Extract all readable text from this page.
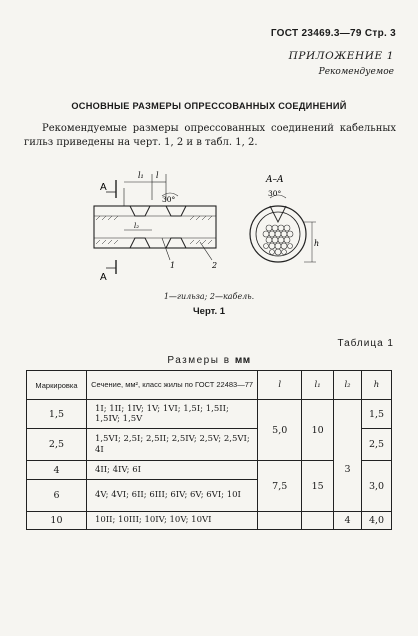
ГОСТ 23469.3—79 Стр. 3
ПРИЛОЖЕНИЕ 1
Рекомендуемое
ОСНОВНЫЕ РАЗМЕРЫ ОПРЕССОВАННЫХ СОЕДИНЕНИЙ
Рекомендуемые размеры опрессованных соединений кабельных гильз приведены на черт. 1, 2 и в табл. 1, 2.
A
A
l₁ l
l₂
30°
1	2
A–A
30°
h
1—гильза; 2—кабель.
Черт. 1
Таблица 1
Размеры в мм
Маркировка	Сечение, мм², класс жилы по ГОСТ 22483—77	l	l₁	l₂	h
1,5	1I; 1II; 1IV; 1V; 1VI; 1,5I; 1,5II; 1,5IV; 1,5V	5,0	10		1,5
2,5	1,5VI; 2,5I; 2,5II; 2,5IV; 2,5V; 2,5VI; 4I			3	2,5
4	4II; 4IV; 6I	7,5	15		3,0
6	4V; 4VI; 6II; 6III; 6IV; 6V; 6VI; 10I				
10	10II; 10III; 10IV; 10V; 10VI			4	4,0
